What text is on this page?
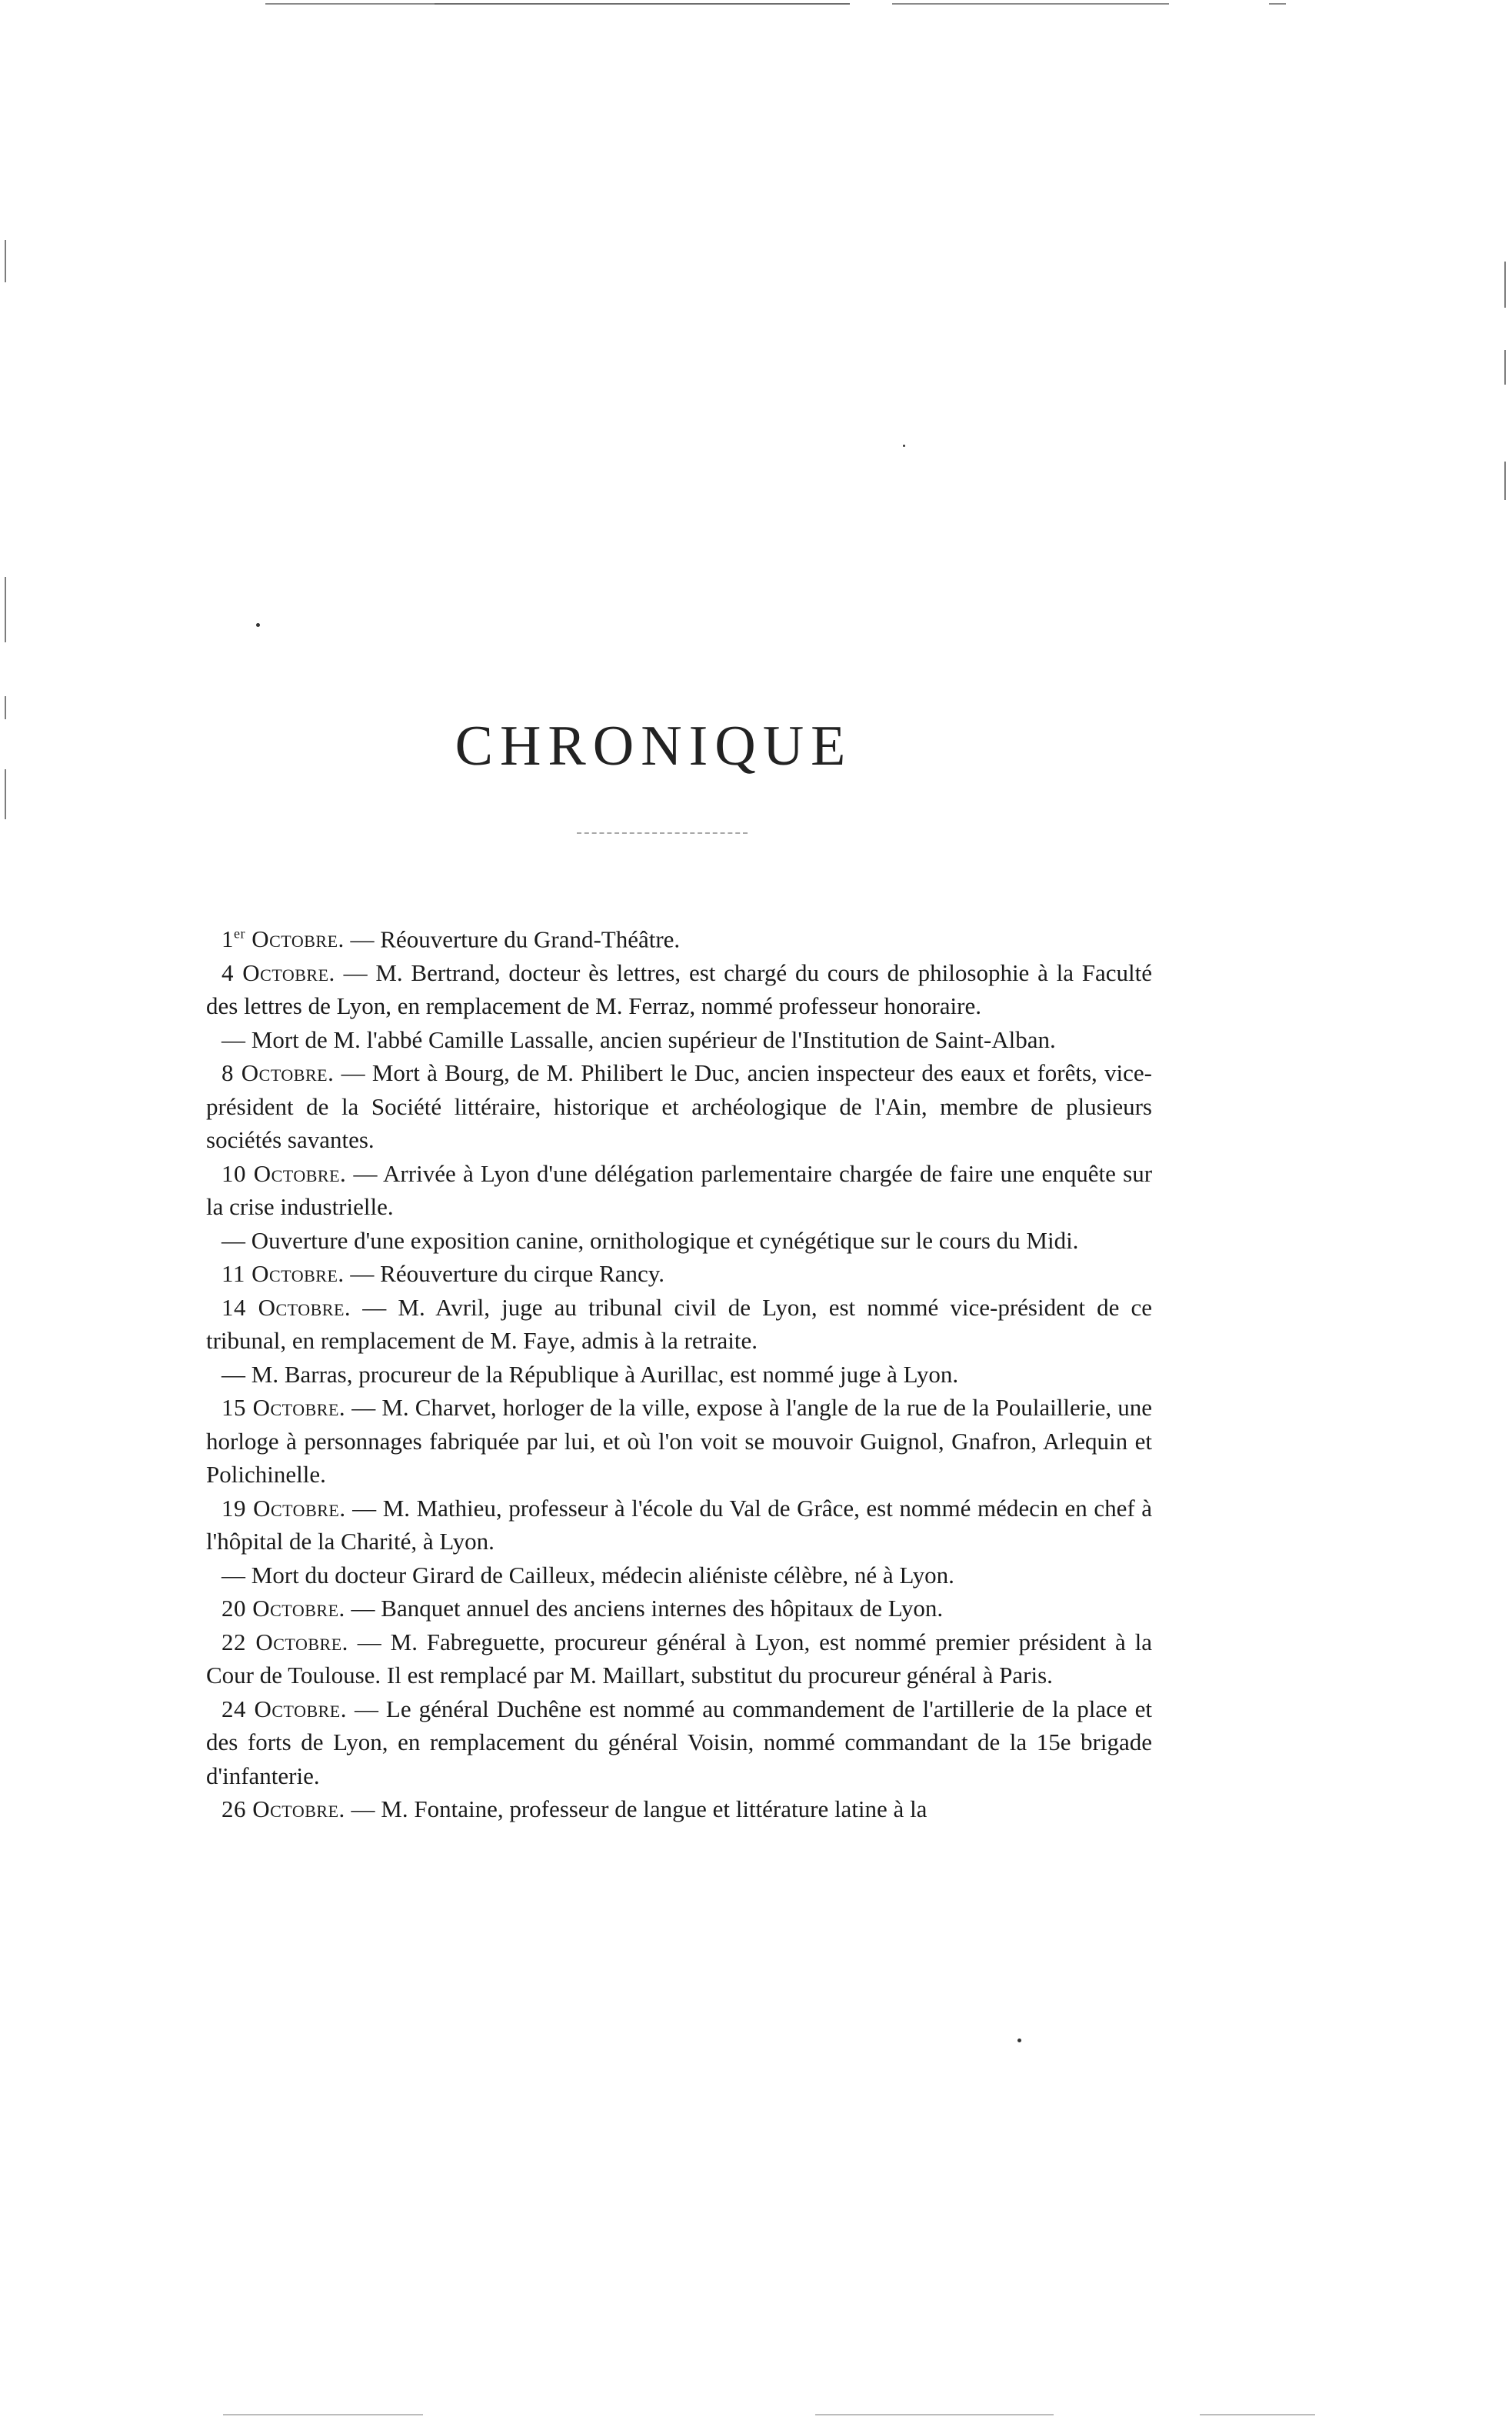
CHRONIQUE

1er Octobre. — Réouverture du Grand-Théâtre.

4 Octobre. — M. Bertrand, docteur ès lettres, est chargé du cours de philosophie à la Faculté des lettres de Lyon, en remplacement de M. Ferraz, nommé professeur honoraire.

— Mort de M. l'abbé Camille Lassalle, ancien supérieur de l'Institution de Saint-Alban.

8 Octobre. — Mort à Bourg, de M. Philibert le Duc, ancien inspecteur des eaux et forêts, vice-président de la Société littéraire, historique et archéologique de l'Ain, membre de plusieurs sociétés savantes.

10 Octobre. — Arrivée à Lyon d'une délégation parlementaire chargée de faire une enquête sur la crise industrielle.

— Ouverture d'une exposition canine, ornithologique et cynégétique sur le cours du Midi.

11 Octobre. — Réouverture du cirque Rancy.

14 Octobre. — M. Avril, juge au tribunal civil de Lyon, est nommé vice-président de ce tribunal, en remplacement de M. Faye, admis à la retraite.

— M. Barras, procureur de la République à Aurillac, est nommé juge à Lyon.

15 Octobre. — M. Charvet, horloger de la ville, expose à l'angle de la rue de la Poulaillerie, une horloge à personnages fabriquée par lui, et où l'on voit se mouvoir Guignol, Gnafron, Arlequin et Polichinelle.

19 Octobre. — M. Mathieu, professeur à l'école du Val de Grâce, est nommé médecin en chef à l'hôpital de la Charité, à Lyon.

— Mort du docteur Girard de Cailleux, médecin aliéniste célèbre, né à Lyon.

20 Octobre. — Banquet annuel des anciens internes des hôpitaux de Lyon.

22 Octobre. — M. Fabreguette, procureur général à Lyon, est nommé premier président à la Cour de Toulouse. Il est remplacé par M. Maillart, substitut du procureur général à Paris.

24 Octobre. — Le général Duchêne est nommé au commandement de l'artillerie de la place et des forts de Lyon, en remplacement du général Voisin, nommé commandant de la 15e brigade d'infanterie.

26 Octobre. — M. Fontaine, professeur de langue et littérature latine à la
